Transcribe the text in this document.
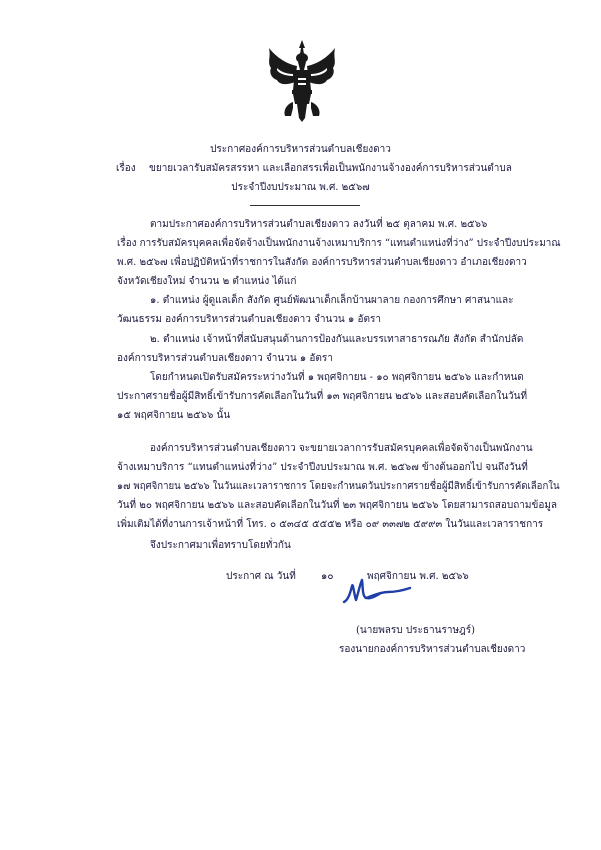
ประกาศองค์การบริหารส่วนตำบลเชียงดาว
เรื่อง ขยายเวลารับสมัครสรรหา และเลือกสรรเพื่อเป็นพนักงานจ้างองค์การบริหารส่วนตำบล
ประจำปีงบประมาณ พ.ศ. ๒๕๖๗
ตามประกาศองค์การบริหารส่วนตำบลเชียงดาว ลงวันที่ ๒๕ ตุลาคม พ.ศ. ๒๕๖๖
เรื่อง การรับสมัครบุคคลเพื่อจัดจ้างเป็นพนักงานจ้างเหมาบริการ “แทนตำแหน่งที่ว่าง” ประจำปีงบประมาณ
พ.ศ. ๒๕๖๗ เพื่อปฏิบัติหน้าที่ราชการในสังกัด องค์การบริหารส่วนตำบลเชียงดาว อำเภอเชียงดาว
จังหวัดเชียงใหม่ จำนวน ๒ ตำแหน่ง ได้แก่
๑. ตำแหน่ง ผู้ดูแลเด็ก สังกัด ศูนย์พัฒนาเด็กเล็กบ้านผาลาย กองการศึกษา ศาสนาและ
วัฒนธรรม องค์การบริหารส่วนตำบลเชียงดาว จำนวน ๑ อัตรา
๒. ตำแหน่ง เจ้าหน้าที่สนับสนุนด้านการป้องกันและบรรเทาสาธารณภัย สังกัด สำนักปลัด
องค์การบริหารส่วนตำบลเชียงดาว จำนวน ๑ อัตรา
โดยกำหนดเปิดรับสมัครระหว่างวันที่ ๑ พฤศจิกายน - ๑๐ พฤศจิกายน ๒๕๖๖ และกำหนด
ประกาศรายชื่อผู้มีสิทธิ์เข้ารับการคัดเลือกในวันที่ ๑๓ พฤศจิกายน ๒๕๖๖ และสอบคัดเลือกในวันที่
๑๕ พฤศจิกายน ๒๕๖๖ นั้น
องค์การบริหารส่วนตำบลเชียงดาว จะขยายเวลาการรับสมัครบุคคลเพื่อจัดจ้างเป็นพนักงาน
จ้างเหมาบริการ “แทนตำแหน่งที่ว่าง” ประจำปีงบประมาณ พ.ศ. ๒๕๖๗ ข้างต้นออกไป จนถึงวันที่
๑๗ พฤศจิกายน ๒๕๖๖ ในวันและเวลาราชการ โดยจะกำหนดวันประกาศรายชื่อผู้มีสิทธิ์เข้ารับการคัดเลือกใน
วันที่ ๒๐ พฤศจิกายน ๒๕๖๖ และสอบคัดเลือกในวันที่ ๒๓ พฤศจิกายน ๒๕๖๖ โดยสามารถสอบถามข้อมูล
เพิ่มเติมได้ที่งานการเจ้าหน้าที่ โทร. ๐ ๕๓๔๕ ๕๕๕๒ หรือ ๐๙ ๓๓๗๒ ๕๙๙๓ ในวันและเวลาราชการ
จึงประกาศมาเพื่อทราบโดยทั่วกัน
ประกาศ ณ วันที่	๑๐	พฤศจิกายน พ.ศ. ๒๕๖๖
(นายพลรบ ประธานราษฎร์)
รองนายกองค์การบริหารส่วนตำบลเชียงดาว
